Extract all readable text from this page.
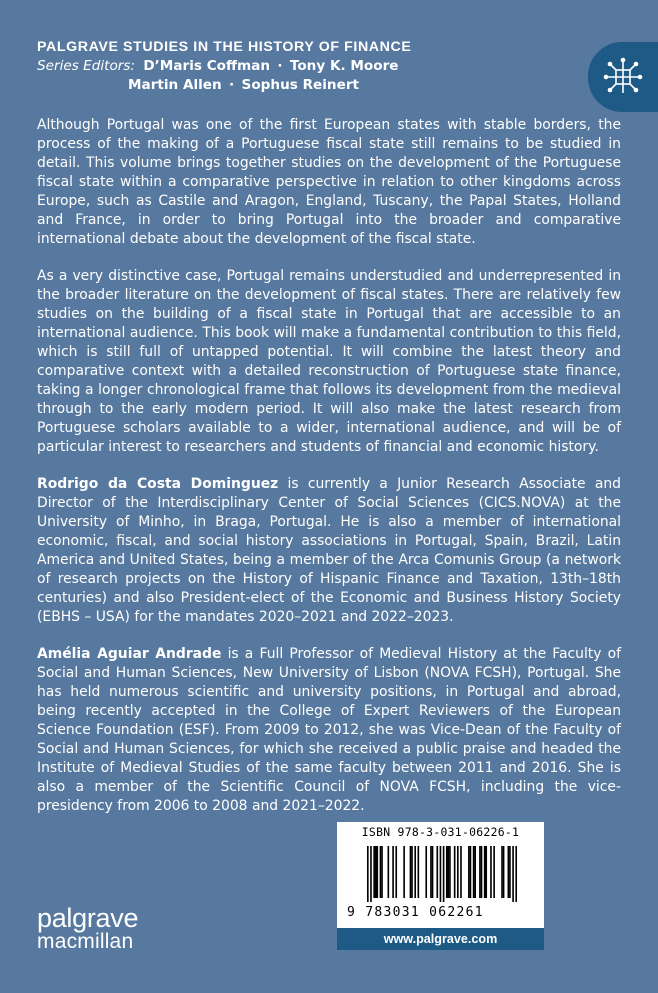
PALGRAVE STUDIES IN THE HISTORY OF FINANCE
Series Editors: D’Maris Coffman · Tony K. Moore
Martin Allen · Sophus Reinert

Although Portugal was one of the first European states with stable borders, the process of the making of a Portuguese fiscal state still remains to be studied in detail. This volume brings together studies on the development of the Portuguese fiscal state within a comparative perspective in relation to other kingdoms across Europe, such as Castile and Aragon, England, Tuscany, the Papal States, Holland and France, in order to bring Portugal into the broader and comparative international debate about the development of the fiscal state.

As a very distinctive case, Portugal remains understudied and underrepresented in the broader literature on the development of fiscal states. There are relatively few studies on the building of a fiscal state in Portugal that are accessible to an international audience. This book will make a fundamental contribution to this field, which is still full of untapped potential. It will combine the latest theory and comparative context with a detailed reconstruction of Portuguese state finance, taking a longer chronological frame that follows its development from the medieval through to the early modern period. It will also make the latest research from Portuguese scholars available to a wider, international audience, and will be of particular interest to researchers and students of financial and economic history.

Rodrigo da Costa Dominguez is currently a Junior Research Associate and Director of the Interdisciplinary Center of Social Sciences (CICS.NOVA) at the University of Minho, in Braga, Portugal. He is also a member of international economic, fiscal, and social history associations in Portugal, Spain, Brazil, Latin America and United States, being a member of the Arca Comunis Group (a network of research projects on the History of Hispanic Finance and Taxation, 13th–18th centuries) and also President-elect of the Economic and Business History Society (EBHS – USA) for the mandates 2020–2021 and 2022–2023.

Amélia Aguiar Andrade is a Full Professor of Medieval History at the Faculty of Social and Human Sciences, New University of Lisbon (NOVA FCSH), Portugal. She has held numerous scientific and university positions, in Portugal and abroad, being recently accepted in the College of Expert Reviewers of the European Science Foundation (ESF). From 2009 to 2012, she was Vice-Dean of the Faculty of Social and Human Sciences, for which she received a public praise and headed the Institute of Medieval Studies of the same faculty between 2011 and 2016. She is also a member of the Scientific Council of NOVA FCSH, including the vice-presidency from 2006 to 2008 and 2021–2022.

ISBN 978-3-031-06226-1
9 783031 062261
www.palgrave.com
palgrave
macmillan
